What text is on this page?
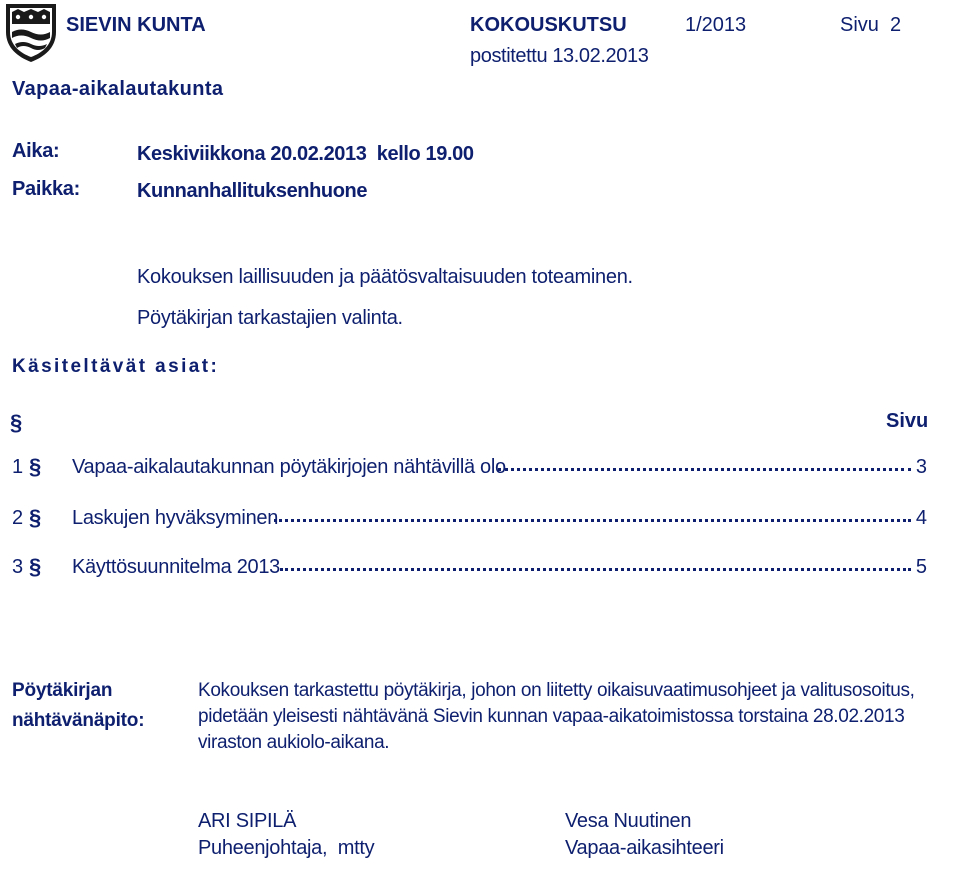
SIEVIN KUNTA	KOKOUSKUTSU	1/2013	Sivu  2
postitettu 13.02.2013
Vapaa-aikalautakunta
Aika:	Keskiviikkona 20.02.2013  kello 19.00
Paikka:	Kunnanhallituksenhuone
Kokouksen laillisuuden ja päätösvaltaisuuden toteaminen.
Pöytäkirjan tarkastajien valinta.
Käsiteltävät asiat:
§	Sivu
1 § Vapaa-aikalautakunnan pöytäkirjojen nähtävillä olo	3
2 § Laskujen hyväksyminen	4
3 § Käyttösuunnitelma 2013	5
Pöytäkirjan
nähtävänäpito:
Kokouksen tarkastettu pöytäkirja, johon on liitetty oikaisuvaatimusohjeet ja valitusosoitus,
pidetään yleisesti nähtävänä Sievin kunnan vapaa-aikatoimistossa torstaina 28.02.2013
viraston aukiolo-aikana.
ARI SIPILÄ
Puheenjohtaja,  mtty
Vesa Nuutinen
Vapaa-aikasihteeri
